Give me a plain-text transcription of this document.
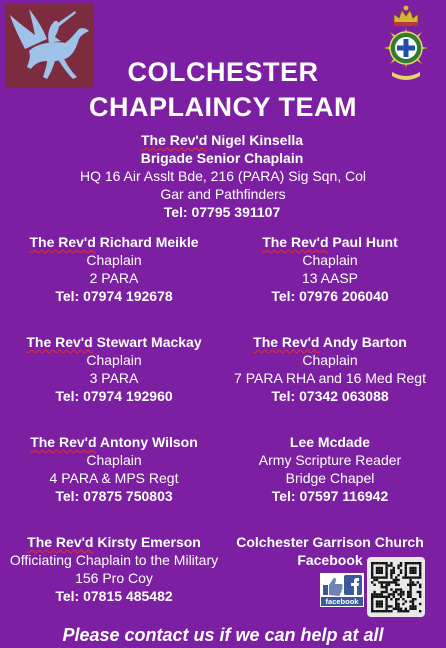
COLCHESTER
CHAPLAINCY TEAM
The Rev'd Nigel Kinsella
Brigade Senior Chaplain
HQ 16 Air Asslt Bde, 216 (PARA) Sig Sqn, Col Gar and Pathfinders
Tel: 07795 391107
The Rev'd Richard Meikle
Chaplain
2 PARA
Tel: 07974 192678
The Rev'd Paul Hunt
Chaplain
13 AASP
Tel: 07976 206040
The Rev'd Stewart Mackay
Chaplain
3 PARA
Tel: 07974 192960
The Rev'd Andy Barton
Chaplain
7 PARA RHA and 16 Med Regt
Tel: 07342 063088
The Rev'd Antony Wilson
Chaplain
4 PARA & MPS Regt
Tel: 07875 750803
Lee Mcdade
Army Scripture Reader
Bridge Chapel
Tel: 07597 116942
The Rev'd Kirsty Emerson
Officiating Chaplain to the Military
156 Pro Coy
Tel: 07815 485482
Colchester Garrison Church
Facebook
facebook
Please contact us if we can help at all
